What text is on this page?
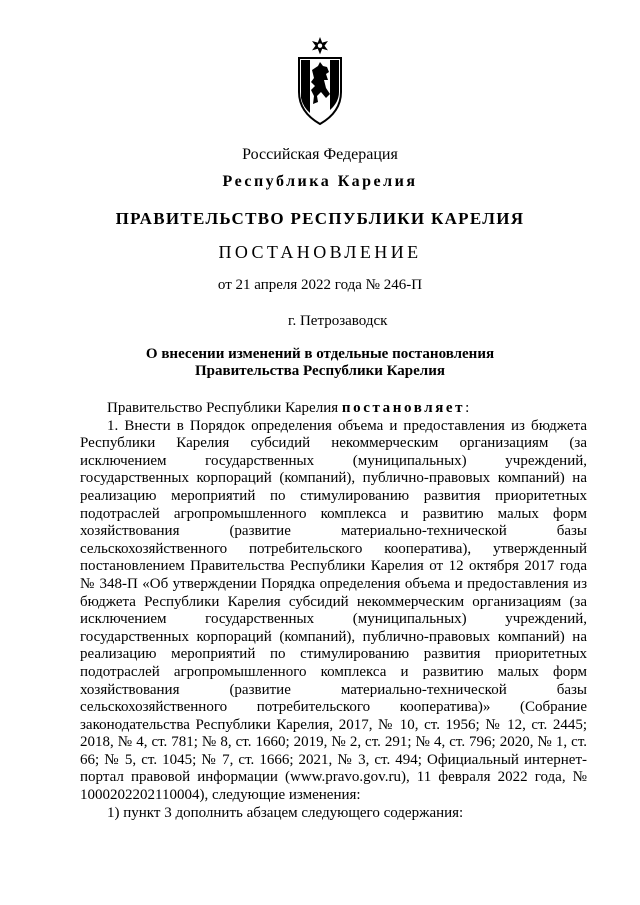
Российская Федерация
Республика Карелия
ПРАВИТЕЛЬСТВО РЕСПУБЛИКИ КАРЕЛИЯ
ПОСТАНОВЛЕНИЕ
от 21 апреля 2022 года № 246-П
г. Петрозаводск
О внесении изменений в отдельные постановления
Правительства Республики Карелия

Правительство Республики Карелия постановляет:

1. Внести в Порядок определения объема и предоставления из бюджета Республики Карелия субсидий некоммерческим организациям (за исключением государственных (муниципальных) учреждений, государственных корпораций (компаний), публично-правовых компаний) на реализацию мероприятий по стимулированию развития приоритетных подотраслей агропромышленного комплекса и развитию малых форм хозяйствования (развитие материально-технической базы сельскохозяйственного потребительского кооператива), утвержденный постановлением Правительства Республики Карелия от 12 октября 2017 года № 348-П «Об утверждении Порядка определения объема и предоставления из бюджета Республики Карелия субсидий некоммерческим организациям (за исключением государственных (муниципальных) учреждений, государственных корпораций (компаний), публично-правовых компаний) на реализацию мероприятий по стимулированию развития приоритетных подотраслей агропромышленного комплекса и развитию малых форм хозяйствования (развитие материально-технической базы сельскохозяйственного потребительского кооператива)» (Собрание законодательства Республики Карелия, 2017, № 10, ст. 1956; № 12, ст. 2445; 2018, № 4, ст. 781; № 8, ст. 1660; 2019, № 2, ст. 291; № 4, ст. 796; 2020, № 1, ст. 66; № 5, ст. 1045; № 7, ст. 1666; 2021, № 3, ст. 494; Официальный интернет-портал правовой информации (www.pravo.gov.ru), 11 февраля 2022 года, № 1000202202110004), следующие изменения:

1) пункт 3 дополнить абзацем следующего содержания:
